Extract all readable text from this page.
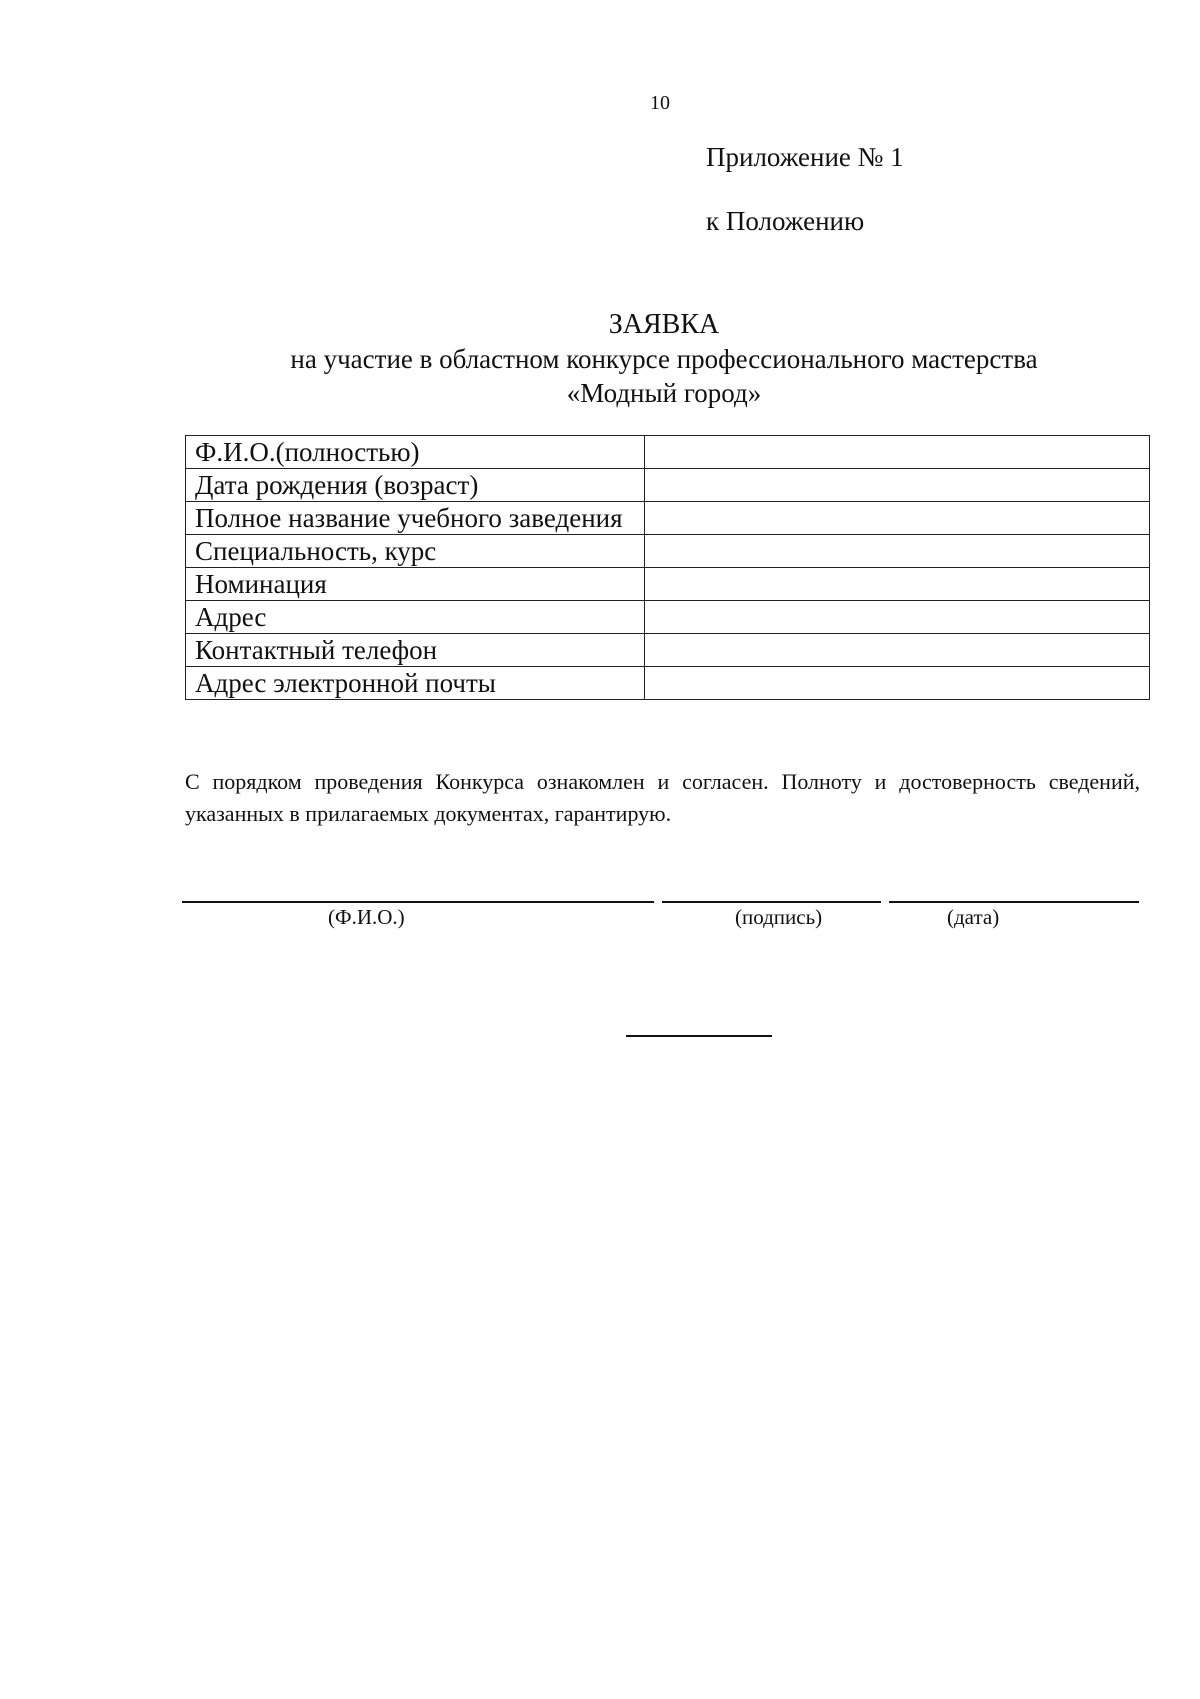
10
Приложение № 1
к Положению
ЗАЯВКА
на участие в областном конкурсе профессионального мастерства
«Модный город»
Ф.И.О.(полностью)	
Дата рождения (возраст)	
Полное название учебного заведения	
Специальность, курс	
Номинация	
Адрес	
Контактный телефон	
Адрес электронной почты	
С порядком проведения Конкурса ознакомлен и согласен. Полноту и достоверность сведений, указанных в прилагаемых документах, гарантирую.
(Ф.И.О.)	(подпись)	(дата)
